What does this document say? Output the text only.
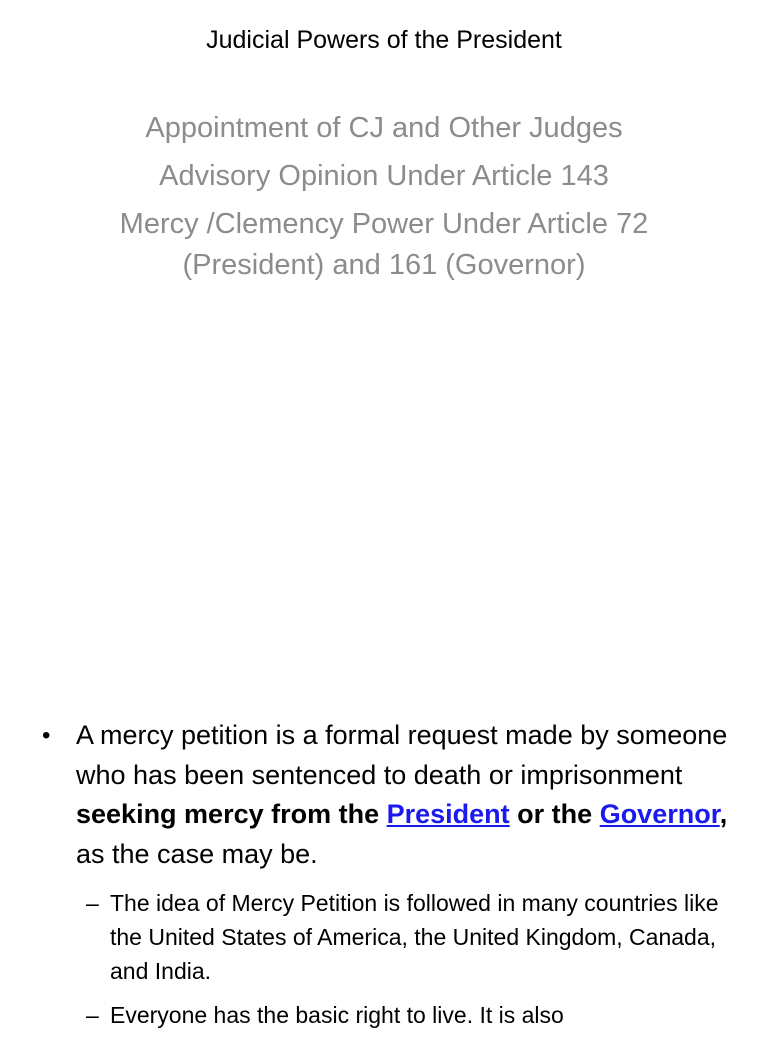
Judicial Powers of the President
Appointment of CJ and Other Judges
Advisory Opinion Under Article 143
Mercy /Clemency Power Under Article 72 (President) and 161 (Governor)
• A mercy petition is a formal request made by someone who has been sentenced to death or imprisonment seeking mercy from the President or the Governor, as the case may be.
– The idea of Mercy Petition is followed in many countries like the United States of America, the United Kingdom, Canada, and India.
– Everyone has the basic right to live. It is also
